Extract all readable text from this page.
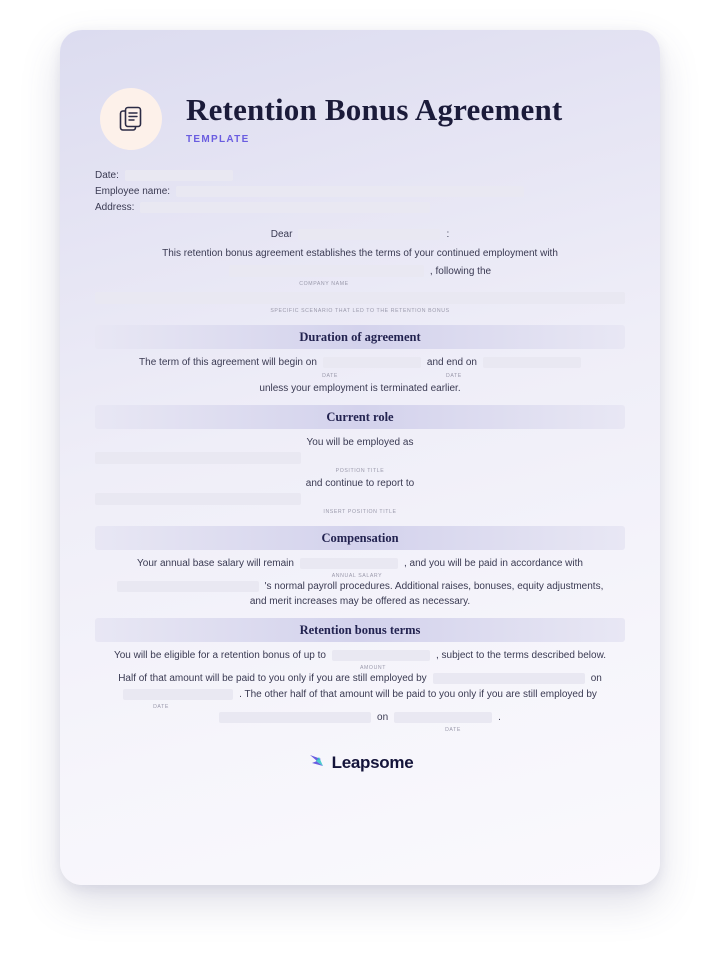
Retention Bonus Agreement
TEMPLATE
Date:
Employee name:
Address:
Dear	:
This retention bonus agreement establishes the terms of your continued employment with
, following the
COMPANY NAME
SPECIFIC SCENARIO THAT LED TO THE RETENTION BONUS
Duration of agreement
The term of this agreement will begin on	and end on
DATE	DATE
unless your employment is terminated earlier.
Current role
You will be employed as
POSITION TITLE
and continue to report to
INSERT POSITION TITLE
Compensation
Your annual base salary will remain	, and you will be paid in accordance with
ANNUAL SALARY
's normal payroll procedures. Additional raises, bonuses, equity adjustments,
and merit increases may be offered as necessary.
Retention bonus terms
You will be eligible for a retention bonus of up to	, subject to the terms described below.
AMOUNT
Half of that amount will be paid to you only if you are still employed by	on
. The other half of that amount will be paid to you only if you are still employed by
DATE
on	.
DATE
Leapsome
